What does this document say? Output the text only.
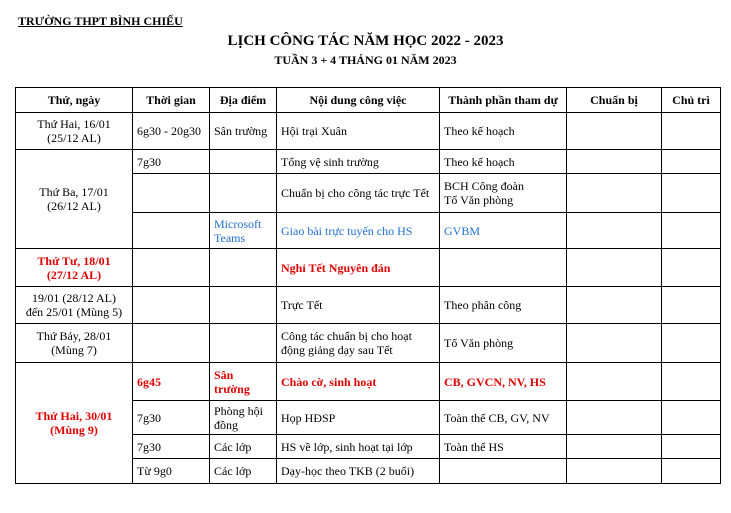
TRƯỜNG THPT BÌNH CHIỂU
LỊCH CÔNG TÁC NĂM HỌC 2022 - 2023
TUẦN 3 + 4 THÁNG 01 NĂM 2023
Thứ, ngày	Thời gian	Địa điểm	Nội dung công việc	Thành phần tham dự	Chuẩn bị	Chủ trì

Thứ Hai, 16/01
(25/12 AL)	6g30 - 20g30	Sân trường	Hội trại Xuân	Theo kế hoạch		

Thứ Ba, 17/01
(26/12 AL)	7g30		Tổng vệ sinh trường	Theo kế hoạch		
			Chuẩn bị cho công tác trực Tết	BCH Công đoàn
Tổ Văn phòng		

		Microsoft Teams	Giao bài trực tuyến cho HS	GVBM		

Thứ Tư, 18/01
(27/12 AL)			Nghỉ Tết Nguyên đán			

19/01 (28/12 AL)
đến 25/01 (Mùng 5)			Trực Tết	Theo phân công		

Thứ Bảy, 28/01
(Mùng 7)			Công tác chuẩn bị cho hoạt động giảng dạy sau Tết	Tổ Văn phòng		

Thứ Hai, 30/01
(Mùng 9)	6g45	Sân trường	Chào cờ, sinh hoạt	CB, GVCN, NV, HS		
	7g30	Phòng hội đồng	Họp HĐSP	Toàn thể CB, GV, NV		
	7g30	Các lớp	HS về lớp, sinh hoạt tại lớp	Toàn thể HS		
	Từ 9g0	Các lớp	Dạy-học theo TKB (2 buổi)			
